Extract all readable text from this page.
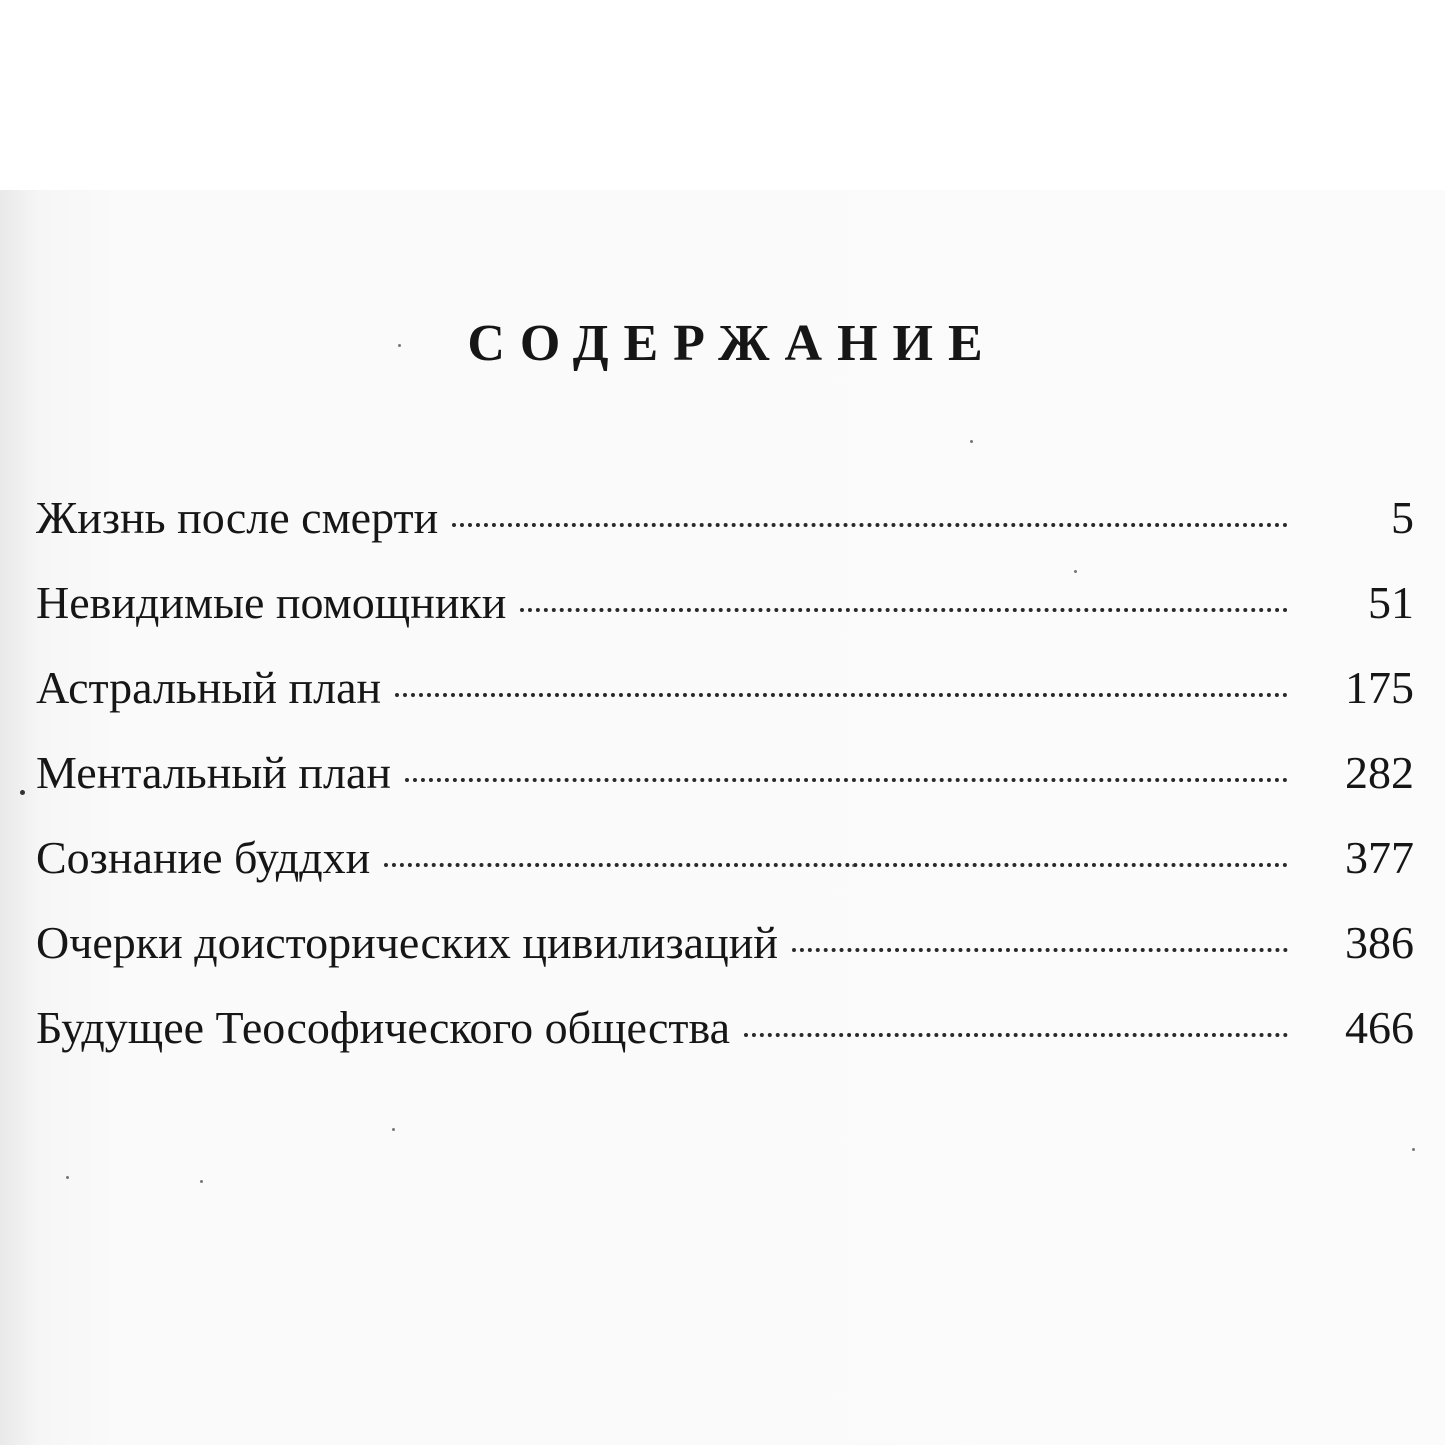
СОДЕРЖАНИЕ
Жизнь после смерти	5
Невидимые помощники	51
Астральный план	175
Ментальный план	282
Сознание буддхи	377
Очерки доисторических цивилизаций	386
Будущее Теософического общества	466
